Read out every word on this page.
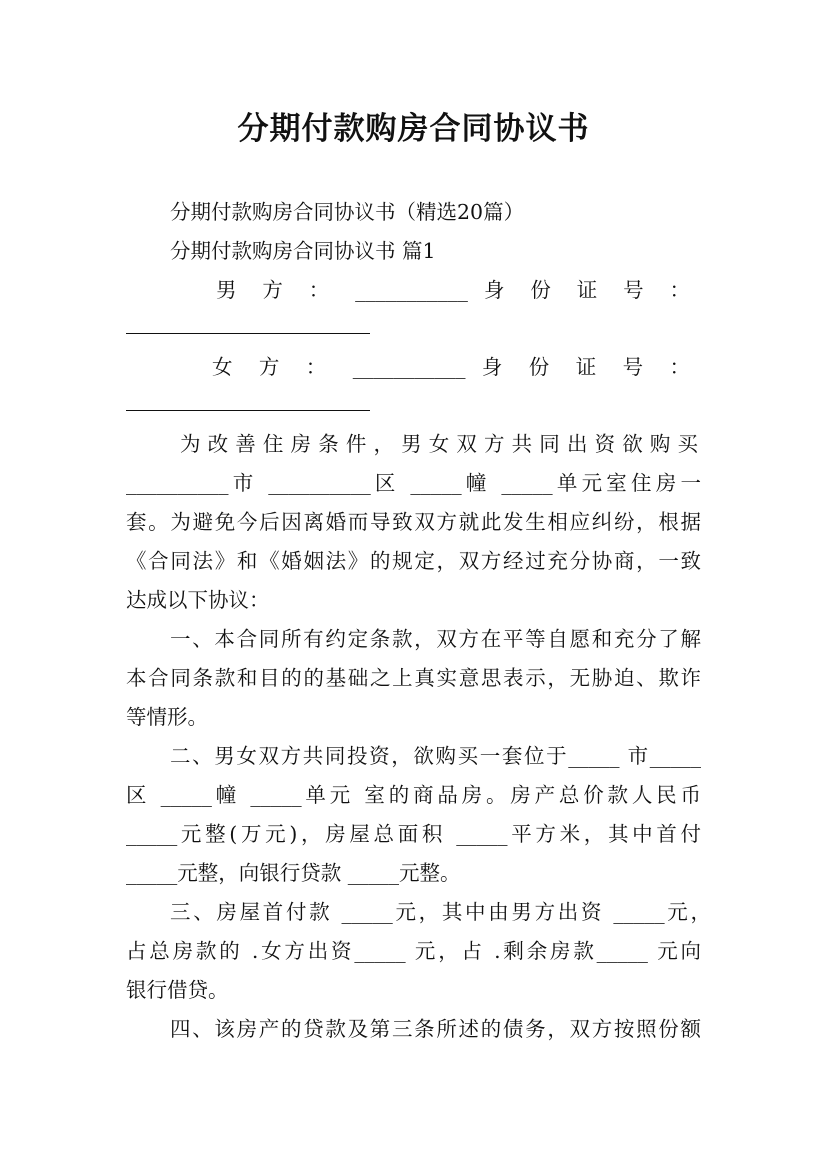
分期付款购房合同协议书
分期付款购房合同协议书（精选20篇）
分期付款购房合同协议书 篇1
男 方 ： ___________ 身 份 证 号 ：
女 方 ： ___________ 身 份 证 号 ：
为改善住房条件，男女双方共同出资欲购买
__________市 __________区 _____幢 _____单元室住房一
套。为避免今后因离婚而导致双方就此发生相应纠纷，根据
《合同法》和《婚姻法》的规定，双方经过充分协商，一致
达成以下协议：
一、本合同所有约定条款，双方在平等自愿和充分了解
本合同条款和目的的基础之上真实意思表示，无胁迫、欺诈
等情形。
二、男女双方共同投资，欲购买一套位于_____ 市_____
区 _____幢 _____单元 室的商品房。房产总价款人民币
_____元整(万元)，房屋总面积 _____平方米，其中首付
_____元整，向银行贷款 _____元整。
三、房屋首付款 _____元，其中由男方出资 _____元，
占总房款的 .女方出资_____ 元，占 .剩余房款_____ 元向
银行借贷。
四、该房产的贷款及第三条所述的债务，双方按照份额
